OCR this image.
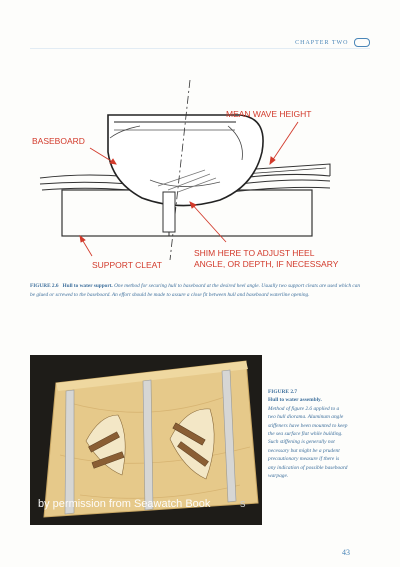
CHAPTER TWO
BASEBOARD
MEAN WAVE HEIGHT
SUPPORT CLEAT
SHIM HERE TO ADJUST HEEL
ANGLE, OR DEPTH, IF NECESSARY
FIGURE 2.6 Hull to water support. One method for securing hull to baseboard at the desired heel angle. Usually two support cleats are used which can be glued or screwed to the baseboard. An effort should be made to assure a close fit between hull and baseboard waterline opening.
by permission from Seawatch Book	s
FIGURE 2.7
Hull to water assembly.
Method of figure 2.6 applied to a two hull diorama. Aluminum angle stiffeners have been mounted to keep the sea surface flat while building. Such stiffening is generally not necessary but might be a prudent precautionary measure if there is any indication of possible baseboard warpage.
43
